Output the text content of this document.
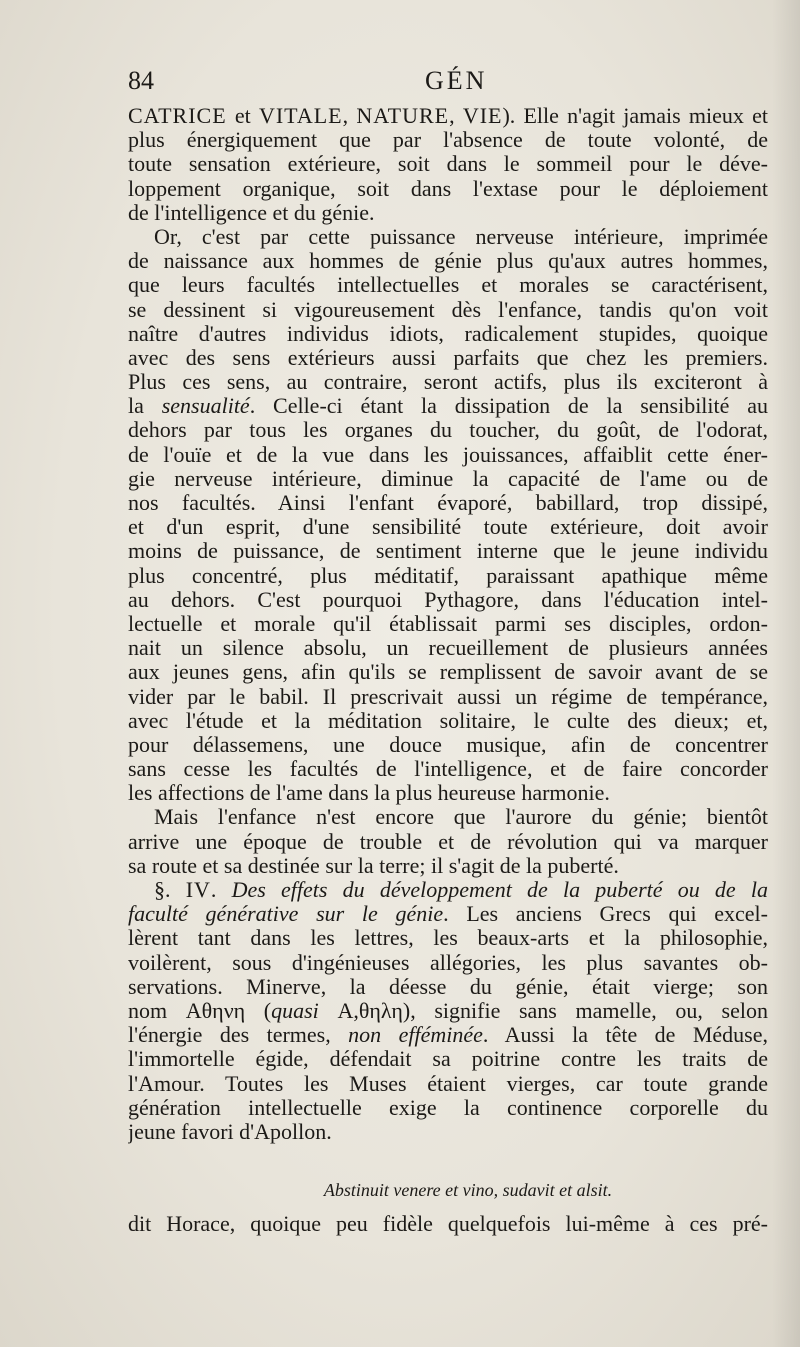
84	GÉN
CATRICE et VITALE, NATURE, VIE). Elle n'agit jamais mieux et
plus énergiquement que par l'absence de toute volonté, de
toute sensation extérieure, soit dans le sommeil pour le déve-
loppement organique, soit dans l'extase pour le déploiement
de l'intelligence et du génie.
Or, c'est par cette puissance nerveuse intérieure, imprimée
de naissance aux hommes de génie plus qu'aux autres hommes,
que leurs facultés intellectuelles et morales se caractérisent,
se dessinent si vigoureusement dès l'enfance, tandis qu'on voit
naître d'autres individus idiots, radicalement stupides, quoique
avec des sens extérieurs aussi parfaits que chez les premiers.
Plus ces sens, au contraire, seront actifs, plus ils exciteront à
la sensualité. Celle-ci étant la dissipation de la sensibilité au
dehors par tous les organes du toucher, du goût, de l'odorat,
de l'ouïe et de la vue dans les jouissances, affaiblit cette éner-
gie nerveuse intérieure, diminue la capacité de l'ame ou de
nos facultés. Ainsi l'enfant évaporé, babillard, trop dissipé,
et d'un esprit, d'une sensibilité toute extérieure, doit avoir
moins de puissance, de sentiment interne que le jeune individu
plus concentré, plus méditatif, paraissant apathique même
au dehors. C'est pourquoi Pythagore, dans l'éducation intel-
lectuelle et morale qu'il établissait parmi ses disciples, ordon-
nait un silence absolu, un recueillement de plusieurs années
aux jeunes gens, afin qu'ils se remplissent de savoir avant de se
vider par le babil. Il prescrivait aussi un régime de tempérance,
avec l'étude et la méditation solitaire, le culte des dieux; et,
pour délassemens, une douce musique, afin de concentrer
sans cesse les facultés de l'intelligence, et de faire concorder
les affections de l'ame dans la plus heureuse harmonie.
Mais l'enfance n'est encore que l'aurore du génie; bientôt
arrive une époque de trouble et de révolution qui va marquer
sa route et sa destinée sur la terre; il s'agit de la puberté.
§. IV. Des effets du développement de la puberté ou de la
faculté générative sur le génie. Les anciens Grecs qui excel-
lèrent tant dans les lettres, les beaux-arts et la philosophie,
voilèrent, sous d'ingénieuses allégories, les plus savantes ob-
servations. Minerve, la déesse du génie, était vierge; son
nom Αθηνη (quasi Α,θηλη), signifie sans mamelle, ou, selon
l'énergie des termes, non efféminée. Aussi la tête de Méduse,
l'immortelle égide, défendait sa poitrine contre les traits de
l'Amour. Toutes les Muses étaient vierges, car toute grande
génération intellectuelle exige la continence corporelle du
jeune favori d'Apollon.
Abstinuit venere et vino, sudavit et alsit.
dit Horace, quoique peu fidèle quelquefois lui-même à ces pré-
